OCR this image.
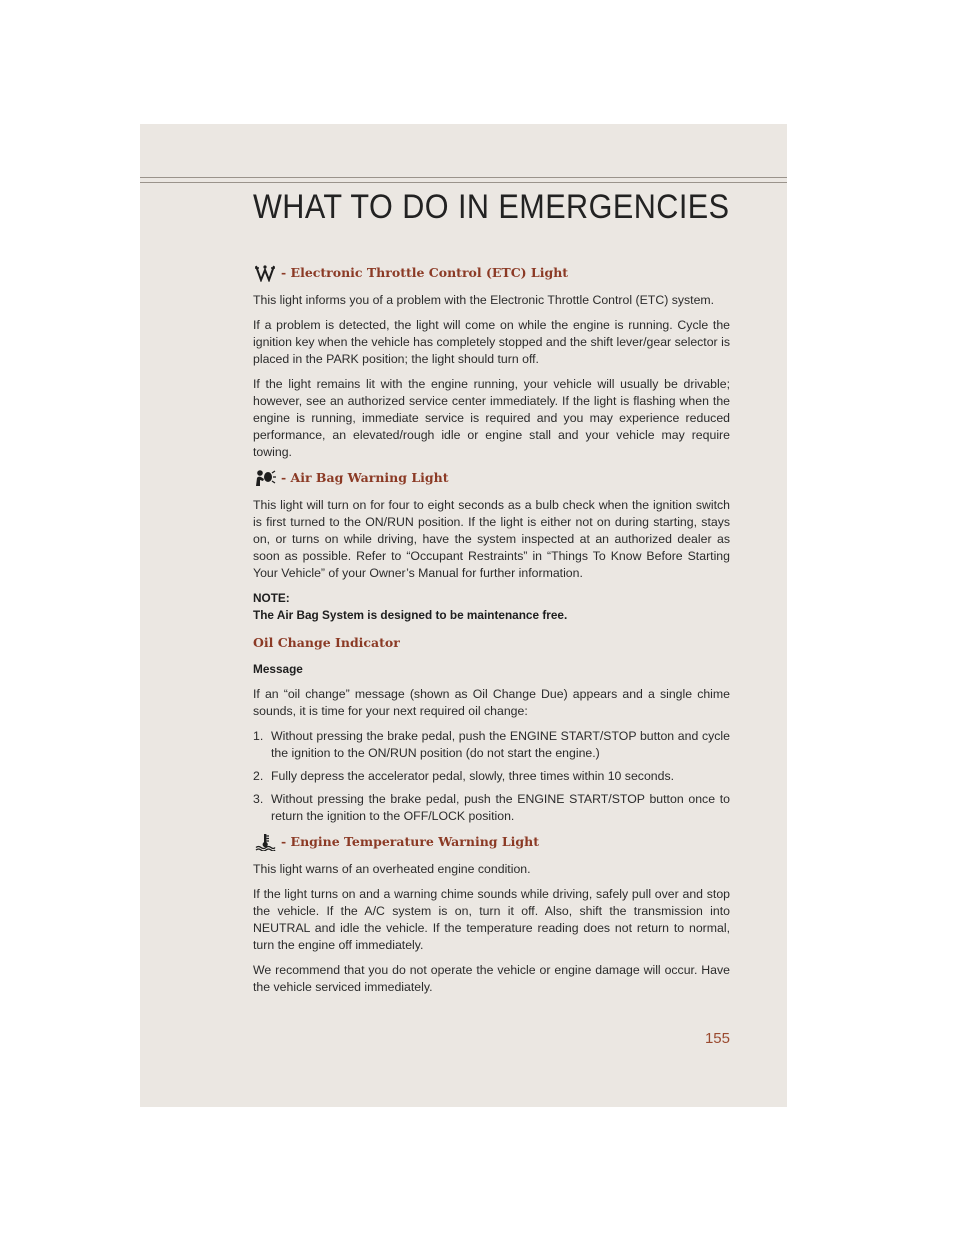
WHAT TO DO IN EMERGENCIES
- Electronic Throttle Control (ETC) Light

This light informs you of a problem with the Electronic Throttle Control (ETC) system.

If a problem is detected, the light will come on while the engine is running. Cycle the ignition key when the vehicle has completely stopped and the shift lever/gear selector is placed in the PARK position; the light should turn off.

If the light remains lit with the engine running, your vehicle will usually be drivable; however, see an authorized service center immediately. If the light is flashing when the engine is running, immediate service is required and you may experience reduced performance, an elevated/rough idle or engine stall and your vehicle may require towing.

- Air Bag Warning Light

This light will turn on for four to eight seconds as a bulb check when the ignition switch is first turned to the ON/RUN position. If the light is either not on during starting, stays on, or turns on while driving, have the system inspected at an authorized dealer as soon as possible. Refer to “Occupant Restraints” in “Things To Know Before Starting Your Vehicle” of your Owner’s Manual for further information.

NOTE:
The Air Bag System is designed to be maintenance free.
Oil Change Indicator
Message

If an “oil change” message (shown as Oil Change Due) appears and a single chime sounds, it is time for your next required oil change:

1. Without pressing the brake pedal, push the ENGINE START/STOP button and cycle the ignition to the ON/RUN position (do not start the engine.)
2. Fully depress the accelerator pedal, slowly, three times within 10 seconds.
3. Without pressing the brake pedal, push the ENGINE START/STOP button once to return the ignition to the OFF/LOCK position.
- Engine Temperature Warning Light

This light warns of an overheated engine condition.

If the light turns on and a warning chime sounds while driving, safely pull over and stop the vehicle. If the A/C system is on, turn it off. Also, shift the transmission into NEUTRAL and idle the vehicle. If the temperature reading does not return to normal, turn the engine off immediately.

We recommend that you do not operate the vehicle or engine damage will occur. Have the vehicle serviced immediately.

155
